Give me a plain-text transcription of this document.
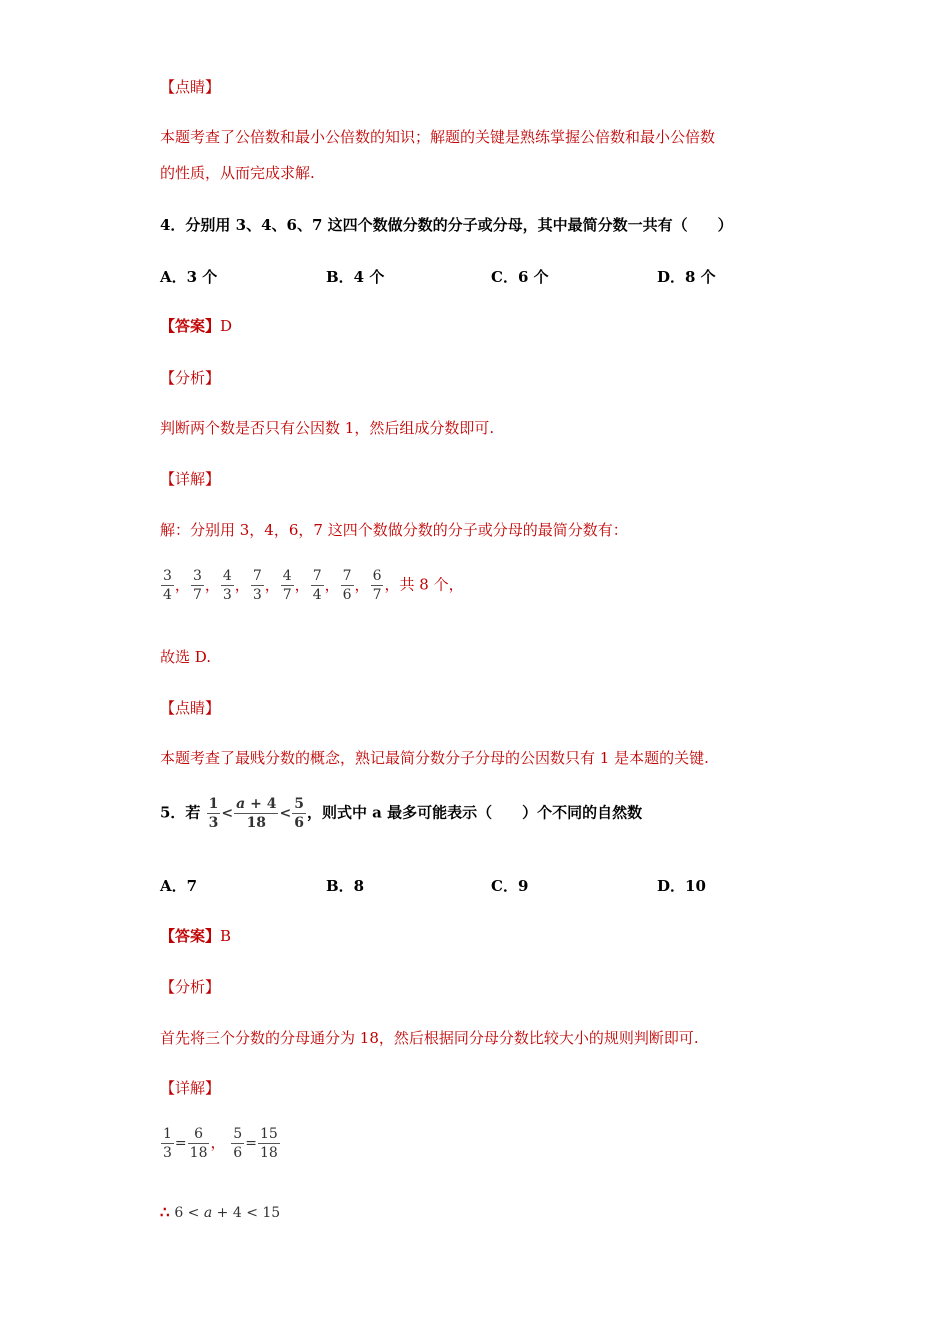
【点睛】
本题考查了公倍数和最小公倍数的知识；解题的关键是熟练掌握公倍数和最小公倍数
的性质，从而完成求解.
4．分别用 3、4、6、7 这四个数做分数的分子或分母，其中最简分数一共有（　　）
A．3 个	B．4 个	C．6 个	D．8 个
【答案】D
【分析】
判断两个数是否只有公因数 1，然后组成分数即可.
【详解】
解：分别用 3，4，6，7 这四个数做分数的分子或分母的最简分数有：
$\frac{3}{4}$ ， $\frac{3}{7}$ ， $\frac{4}{3}$ ， $\frac{7}{3}$ ， $\frac{4}{7}$ ， $\frac{7}{4}$ ， $\frac{7}{6}$ ， $\frac{6}{7}$ ，共 8 个，
故选 D.
【点睛】
本题考查了最贱分数的概念，熟记最简分数分子分母的公因数只有 1 是本题的关键.
5．若 $\frac{1}{3} < \frac{a + 4}{18} < \frac{5}{6}$ ，则式中 a 最多可能表示（　　）个不同的自然数
A．7	B．8	C．9	D．10
【答案】B
【分析】
首先将三个分数的分母通分为 18，然后根据同分母分数比较大小的规则判断即可.
【详解】
$\frac{1}{3} = \frac{6}{18}$ ， $\frac{5}{6} = \frac{15}{18}$
∴ 6 < a + 4 < 15
